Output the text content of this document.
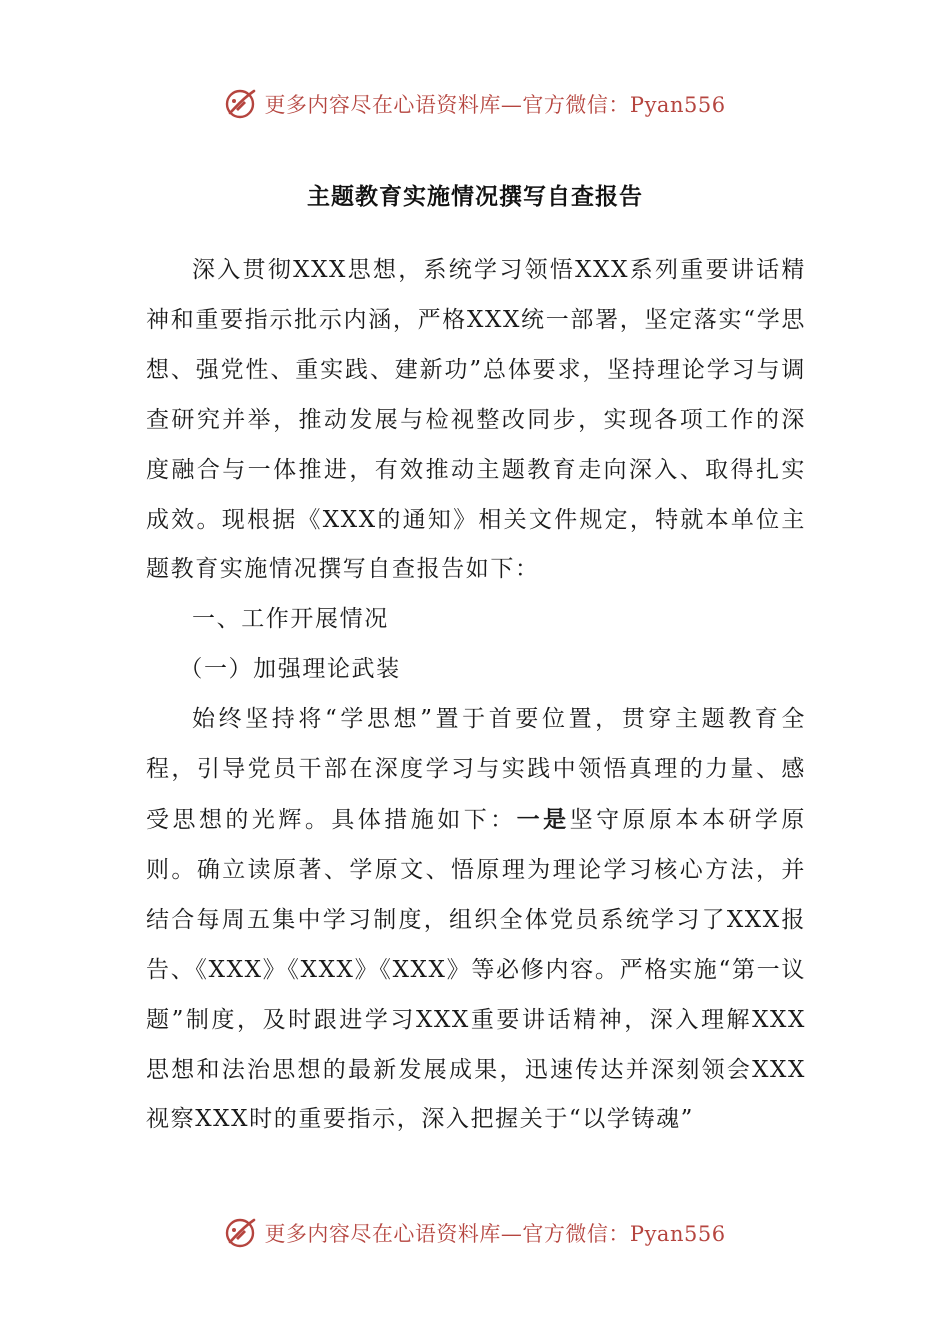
更多内容尽在心语资料库—官方微信：Pyan556
主题教育实施情况撰写自查报告

深入贯彻XXX思想，系统学习领悟XXX系列重要讲话精神和重要指示批示内涵，严格XXX统一部署，坚定落实“学思想、强党性、重实践、建新功”总体要求，坚持理论学习与调查研究并举，推动发展与检视整改同步，实现各项工作的深度融合与一体推进，有效推动主题教育走向深入、取得扎实成效。现根据《XXX的通知》相关文件规定，特就本单位主题教育实施情况撰写自查报告如下：

一、工作开展情况

（一）加强理论武装

始终坚持将“学思想”置于首要位置，贯穿主题教育全程，引导党员干部在深度学习与实践中领悟真理的力量、感受思想的光辉。具体措施如下：一是坚守原原本本研学原则。确立读原著、学原文、悟原理为理论学习核心方法，并结合每周五集中学习制度，组织全体党员系统学习了XXX报告、《XXX》《XXX》《XXX》等必修内容。严格实施“第一议题”制度，及时跟进学习XXX重要讲话精神，深入理解XXX思想和法治思想的最新发展成果，迅速传达并深刻领会XXX视察XXX时的重要指示，深入把握关于“以学铸魂”

更多内容尽在心语资料库—官方微信：Pyan556
